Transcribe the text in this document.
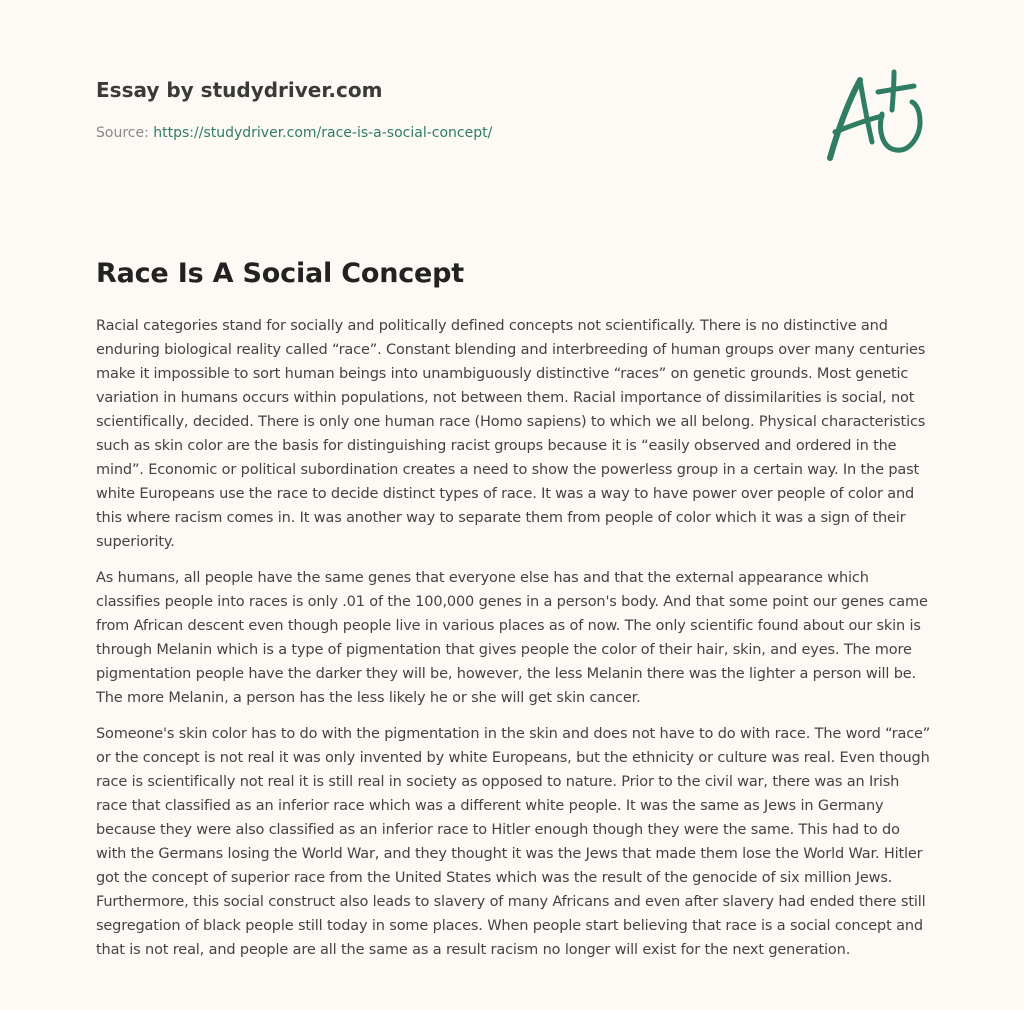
Essay by studydriver.com
Source: https://studydriver.com/race-is-a-social-concept/
Race Is A Social Concept

Racial categories stand for socially and politically defined concepts not scientifically. There is no distinctive and enduring biological reality called “race”. Constant blending and interbreeding of human groups over many centuries make it impossible to sort human beings into unambiguously distinctive “races” on genetic grounds. Most genetic variation in humans occurs within populations, not between them. Racial importance of dissimilarities is social, not scientifically, decided. There is only one human race (Homo sapiens) to which we all belong. Physical characteristics such as skin color are the basis for distinguishing racist groups because it is “easily observed and ordered in the mind”. Economic or political subordination creates a need to show the powerless group in a certain way. In the past white Europeans use the race to decide distinct types of race. It was a way to have power over people of color and this where racism comes in. It was another way to separate them from people of color which it was a sign of their superiority.

As humans, all people have the same genes that everyone else has and that the external appearance which classifies people into races is only .01 of the 100,000 genes in a person's body. And that some point our genes came from African descent even though people live in various places as of now. The only scientific found about our skin is through Melanin which is a type of pigmentation that gives people the color of their hair, skin, and eyes. The more pigmentation people have the darker they will be, however, the less Melanin there was the lighter a person will be. The more Melanin, a person has the less likely he or she will get skin cancer.

Someone's skin color has to do with the pigmentation in the skin and does not have to do with race. The word “race” or the concept is not real it was only invented by white Europeans, but the ethnicity or culture was real. Even though race is scientifically not real it is still real in society as opposed to nature. Prior to the civil war, there was an Irish race that classified as an inferior race which was a different white people. It was the same as Jews in Germany because they were also classified as an inferior race to Hitler enough though they were the same. This had to do with the Germans losing the World War, and they thought it was the Jews that made them lose the World War. Hitler got the concept of superior race from the United States which was the result of the genocide of six million Jews. Furthermore, this social construct also leads to slavery of many Africans and even after slavery had ended there still segregation of black people still today in some places. When people start believing that race is a social concept and that is not real, and people are all the same as a result racism no longer will exist for the next generation.
